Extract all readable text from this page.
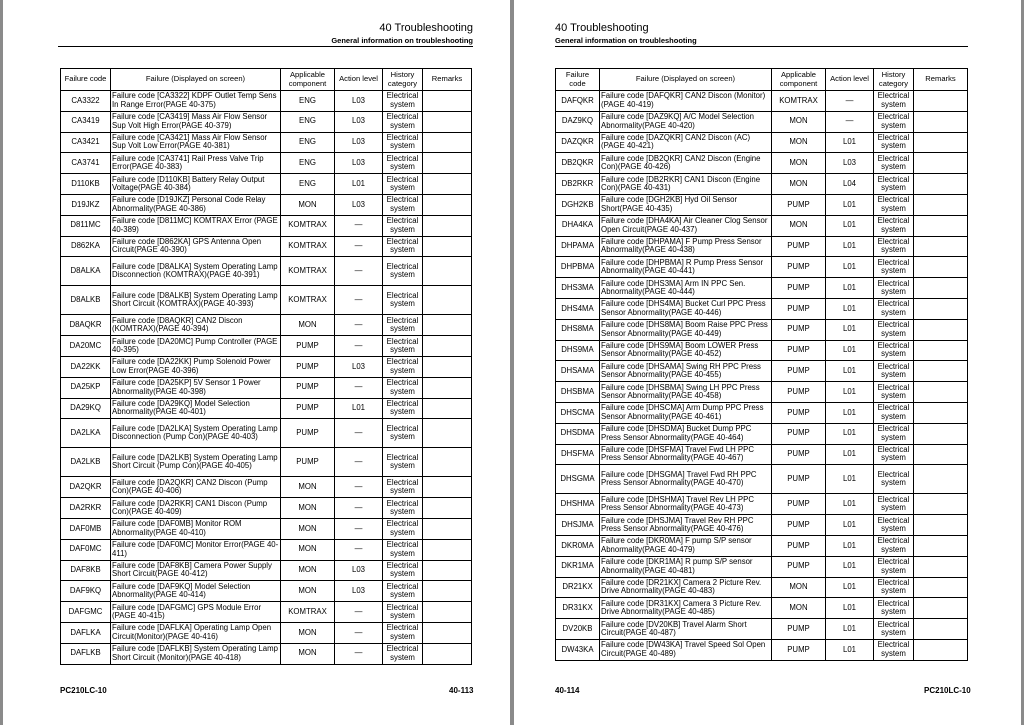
40 Troubleshooting
General information on troubleshooting
Failure code	Failure (Displayed on screen)	Applicable component	Action level	History category	Remarks
CA3322	Failure code [CA3322] KDPF Outlet Temp Sens In Range Error(PAGE 40-375)	ENG	L03	Electrical system	
CA3419	Failure code [CA3419] Mass Air Flow Sensor Sup Volt High Error(PAGE 40-379)	ENG	L03	Electrical system	
CA3421	Failure code [CA3421] Mass Air Flow Sensor Sup Volt Low Error(PAGE 40-381)	ENG	L03	Electrical system	
CA3741	Failure code [CA3741] Rail Press Valve Trip Error(PAGE 40-383)	ENG	L03	Electrical system	
D110KB	Failure code [D110KB] Battery Relay Output Voltage(PAGE 40-384)	ENG	L01	Electrical system	
D19JKZ	Failure code [D19JKZ] Personal Code Relay Abnormality(PAGE 40-386)	MON	L03	Electrical system	
D811MC	Failure code [D811MC] KOMTRAX Error (PAGE 40-389)	KOMTRAX	—	Electrical system	
D862KA	Failure code [D862KA] GPS Antenna Open Circuit(PAGE 40-390)	KOMTRAX	—	Electrical system	
D8ALKA	Failure code [D8ALKA] System Operating Lamp Disconnection (KOMTRAX)(PAGE 40-391)	KOMTRAX	—	Electrical system	
D8ALKB	Failure code [D8ALKB] System Operating Lamp Short Circuit (KOMTRAX)(PAGE 40-393)	KOMTRAX	—	Electrical system	
D8AQKR	Failure code [D8AQKR] CAN2 Discon (KOMTRAX)(PAGE 40-394)	MON	—	Electrical system	
DA20MC	Failure code [DA20MC] Pump Controller (PAGE 40-395)	PUMP	—	Electrical system	
DA22KK	Failure code [DA22KK] Pump Solenoid Power Low Error(PAGE 40-396)	PUMP	L03	Electrical system	
DA25KP	Failure code [DA25KP] 5V Sensor 1 Power Abnormality(PAGE 40-398)	PUMP	—	Electrical system	
DA29KQ	Failure code [DA29KQ] Model Selection Abnormality(PAGE 40-401)	PUMP	L01	Electrical system	
DA2LKA	Failure code [DA2LKA] System Operating Lamp Disconnection (Pump Con)(PAGE 40-403)	PUMP	—	Electrical system	
DA2LKB	Failure code [DA2LKB] System Operating Lamp Short Circuit (Pump Con)(PAGE 40-405)	PUMP	—	Electrical system	
DA2QKR	Failure code [DA2QKR] CAN2 Discon (Pump Con)(PAGE 40-406)	MON	—	Electrical system	
DA2RKR	Failure code [DA2RKR] CAN1 Discon (Pump Con)(PAGE 40-409)	MON	—	Electrical system	
DAF0MB	Failure code [DAF0MB] Monitor ROM Abnormality(PAGE 40-410)	MON	—	Electrical system	
DAF0MC	Failure code [DAF0MC] Monitor Error(PAGE 40-411)	MON	—	Electrical system	
DAF8KB	Failure code [DAF8KB] Camera Power Supply Short Circuit(PAGE 40-412)	MON	L03	Electrical system	
DAF9KQ	Failure code [DAF9KQ] Model Selection Abnormality(PAGE 40-414)	MON	L03	Electrical system	
DAFGMC	Failure code [DAFGMC] GPS Module Error (PAGE 40-415)	KOMTRAX	—	Electrical system	
DAFLKA	Failure code [DAFLKA] Operating Lamp Open Circuit(Monitor)(PAGE 40-416)	MON	—	Electrical system	
DAFLKB	Failure code [DAFLKB] System Operating Lamp Short Circuit (Monitor)(PAGE 40-418)	MON	—	Electrical system	
PC210LC-10	40-113
40 Troubleshooting
General information on troubleshooting
Failure code	Failure (Displayed on screen)	Applicable component	Action level	History category	Remarks
DAFQKR	Failure code [DAFQKR] CAN2 Discon (Monitor)(PAGE 40-419)	KOMTRAX	—	Electrical system	
DAZ9KQ	Failure code [DAZ9KQ] A/C Model Selection Abnormality(PAGE 40-420)	MON	—	Electrical system	
DAZQKR	Failure code [DAZQKR] CAN2 Discon (AC) (PAGE 40-421)	MON	L01	Electrical system	
DB2QKR	Failure code [DB2QKR] CAN2 Discon (Engine Con)(PAGE 40-426)	MON	L03	Electrical system	
DB2RKR	Failure code [DB2RKR] CAN1 Discon (Engine Con)(PAGE 40-431)	MON	L04	Electrical system	
DGH2KB	Failure code [DGH2KB] Hyd Oil Sensor Short(PAGE 40-435)	PUMP	L01	Electrical system	
DHA4KA	Failure code [DHA4KA] Air Cleaner Clog Sensor Open Circuit(PAGE 40-437)	MON	L01	Electrical system	
DHPAMA	Failure code [DHPAMA] F Pump Press Sensor Abnormality(PAGE 40-438)	PUMP	L01	Electrical system	
DHPBMA	Failure code [DHPBMA] R Pump Press Sensor Abnormality(PAGE 40-441)	PUMP	L01	Electrical system	
DHS3MA	Failure code [DHS3MA] Arm IN PPC Sen. Abnormality(PAGE 40-444)	PUMP	L01	Electrical system	
DHS4MA	Failure code [DHS4MA] Bucket Curl PPC Press Sensor Abnormality(PAGE 40-446)	PUMP	L01	Electrical system	
DHS8MA	Failure code [DHS8MA] Boom Raise PPC Press Sensor Abnormality(PAGE 40-449)	PUMP	L01	Electrical system	
DHS9MA	Failure code [DHS9MA] Boom LOWER Press Sensor Abnormality(PAGE 40-452)	PUMP	L01	Electrical system	
DHSAMA	Failure code [DHSAMA] Swing RH PPC Press Sensor Abnormality(PAGE 40-455)	PUMP	L01	Electrical system	
DHSBMA	Failure code [DHSBMA] Swing LH PPC Press Sensor Abnormality(PAGE 40-458)	PUMP	L01	Electrical system	
DHSCMA	Failure code [DHSCMA] Arm Dump PPC Press Sensor Abnormality(PAGE 40-461)	PUMP	L01	Electrical system	
DHSDMA	Failure code [DHSDMA] Bucket Dump PPC Press Sensor Abnormality(PAGE 40-464)	PUMP	L01	Electrical system	
DHSFMA	Failure code [DHSFMA] Travel Fwd LH PPC Press Sensor Abnormality(PAGE 40-467)	PUMP	L01	Electrical system	
DHSGMA	Failure code [DHSGMA] Travel Fwd RH PPC Press Sensor Abnormality(PAGE 40-470)	PUMP	L01	Electrical system	
DHSHMA	Failure code [DHSHMA] Travel Rev LH PPC Press Sensor Abnormality(PAGE 40-473)	PUMP	L01	Electrical system	
DHSJMA	Failure code [DHSJMA] Travel Rev RH PPC Press Sensor Abnormality(PAGE 40-476)	PUMP	L01	Electrical system	
DKR0MA	Failure code [DKR0MA] F pump S/P sensor Abnormality(PAGE 40-479)	PUMP	L01	Electrical system	
DKR1MA	Failure code [DKR1MA] R pump S/P sensor Abnormality(PAGE 40-481)	PUMP	L01	Electrical system	
DR21KX	Failure code [DR21KX] Camera 2 Picture Rev. Drive Abnormality(PAGE 40-483)	MON	L01	Electrical system	
DR31KX	Failure code [DR31KX] Camera 3 Picture Rev. Drive Abnormality(PAGE 40-485)	MON	L01	Electrical system	
DV20KB	Failure code [DV20KB] Travel Alarm Short Circuit(PAGE 40-487)	PUMP	L01	Electrical system	
DW43KA	Failure code [DW43KA] Travel Speed Sol Open Circuit(PAGE 40-489)	PUMP	L01	Electrical system	
40-114	PC210LC-10
